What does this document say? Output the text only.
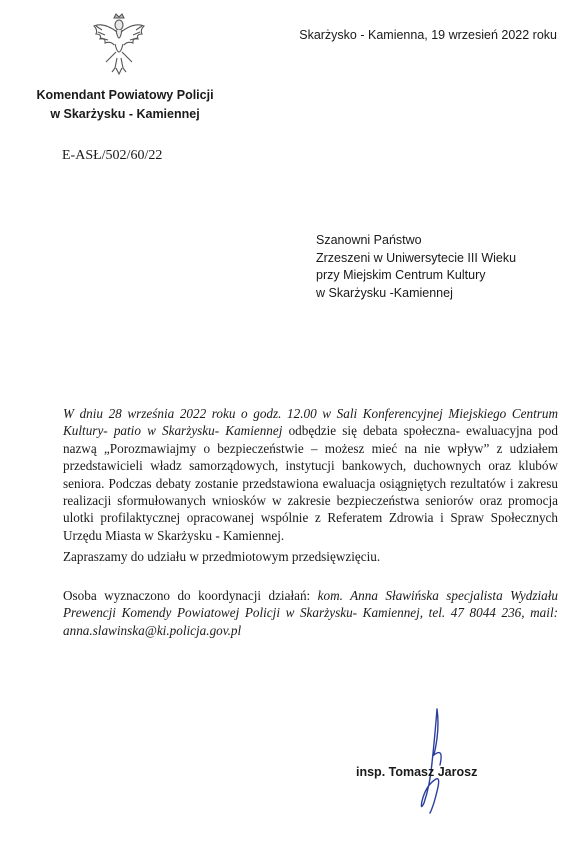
Skarżysko - Kamienna, 19 wrzesień 2022 roku
Komendant Powiatowy Policji
w Skarżysku - Kamiennej
E-ASŁ/502/60/22
Szanowni Państwo
Zrzeszeni w Uniwersytecie III Wieku
przy Miejskim Centrum Kultury
w Skarżysku -Kamiennej
W dniu 28 września 2022 roku o godz. 12.00 w Sali Konferencyjnej Miejskiego Centrum Kultury- patio w Skarżysku- Kamiennej odbędzie się debata społeczna- ewaluacyjna pod nazwą „Porozmawiajmy o bezpieczeństwie – możesz mieć na nie wpływ” z udziałem przedstawicieli władz samorządowych, instytucji bankowych, duchownych oraz klubów seniora. Podczas debaty zostanie przedstawiona ewaluacja osiągniętych rezultatów i zakresu realizacji sformułowanych wniosków w zakresie bezpieczeństwa seniorów oraz promocja ulotki profilaktycznej opracowanej wspólnie z Referatem Zdrowia i Spraw Społecznych Urzędu Miasta w Skarżysku - Kamiennej.
Zapraszamy do udziału w przedmiotowym przedsięwzięciu.
Osoba wyznaczono do koordynacji działań: kom. Anna Sławińska specjalista Wydziału Prewencji Komendy Powiatowej Policji w Skarżysku- Kamiennej, tel. 47 8044 236, mail: anna.slawinska@ki.policja.gov.pl
insp. Tomasz Jarosz
